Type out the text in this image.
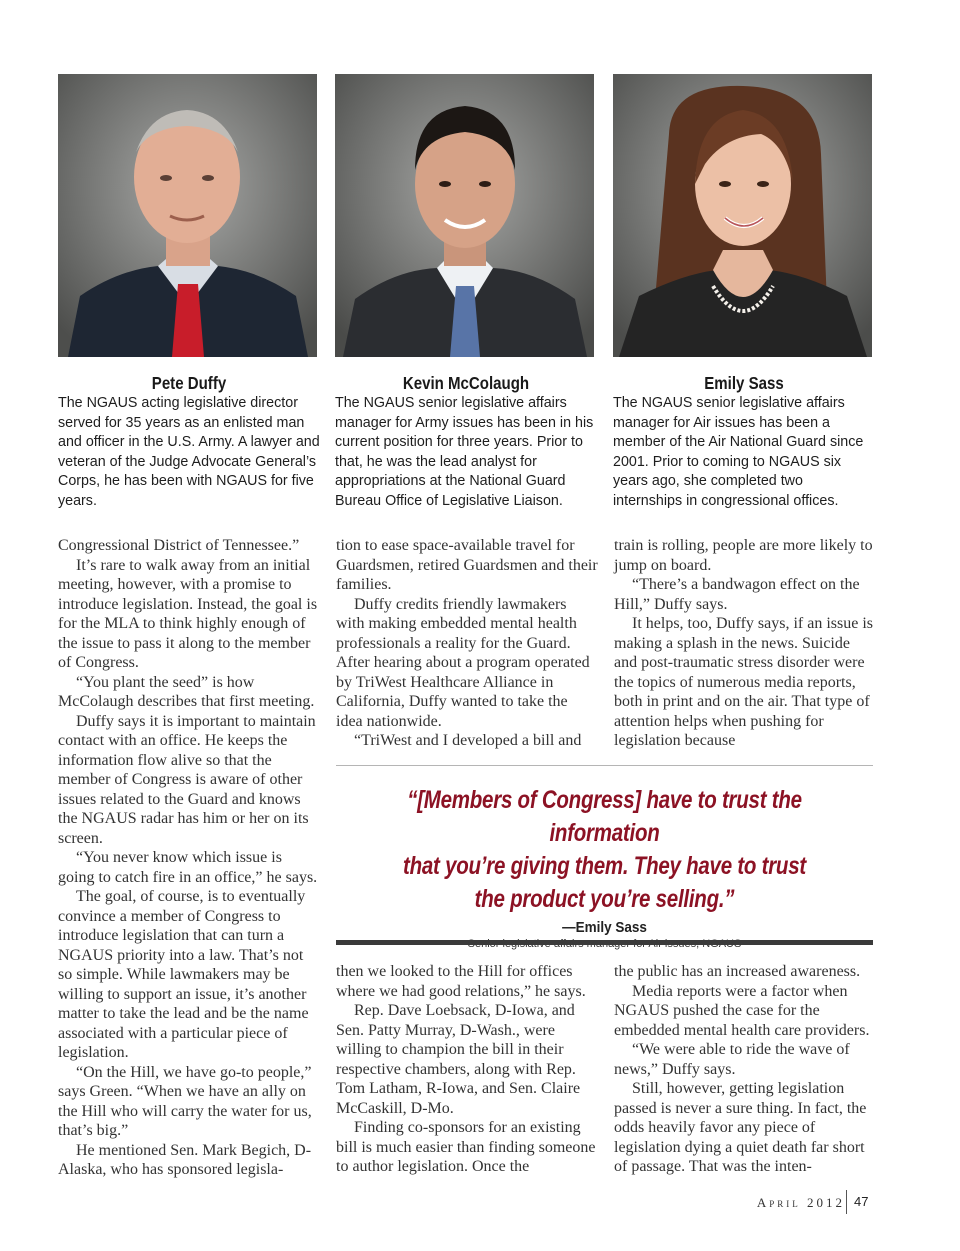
Pete Duffy
The NGAUS acting legislative director served for 35 years as an enlisted man and officer in the U.S. Army. A lawyer and veteran of the Judge Advocate General’s Corps, he has been with NGAUS for five years.
Kevin McColaugh
The NGAUS senior legislative affairs manager for Army issues has been in his current position for three years. Prior to that, he was the lead analyst for appropriations at the National Guard Bureau Office of Legislative Liaison.
Emily Sass
The NGAUS senior legislative affairs manager for Air issues has been a member of the Air National Guard since 2001. Prior to coming to NGAUS six years ago, she completed two internships in congressional offices.

Congressional District of Tennessee.”

It’s rare to walk away from an initial meeting, however, with a promise to introduce legislation. Instead, the goal is for the MLA to think highly enough of the issue to pass it along to the member of Congress.

“You plant the seed” is how McColaugh describes that first meeting.

Duffy says it is important to maintain contact with an office. He keeps the information flow alive so that the member of Congress is aware of other issues related to the Guard and knows the NGAUS radar has him or her on its screen.

“You never know which issue is going to catch fire in an office,” he says.

The goal, of course, is to eventually convince a member of Congress to introduce legislation that can turn a NGAUS priority into a law. That’s not so simple. While lawmakers may be willing to support an issue, it’s another matter to take the lead and be the name associated with a particular piece of legislation.

“On the Hill, we have go-to people,” says Green. “When we have an ally on the Hill who will carry the water for us, that’s big.”

He mentioned Sen. Mark Begich, D-Alaska, who has sponsored legisla-

tion to ease space-available travel for Guardsmen, retired Guardsmen and their families.

Duffy credits friendly lawmakers with making embedded mental health professionals a reality for the Guard. After hearing about a program operated by TriWest Healthcare Alliance in California, Duffy wanted to take the idea nationwide.

“TriWest and I developed a bill and

train is rolling, people are more likely to jump on board.

“There’s a bandwagon effect on the Hill,” Duffy says.

It helps, too, Duffy says, if an issue is making a splash in the news. Suicide and post-traumatic stress disorder were the topics of numerous media reports, both in print and on the air. That type of attention helps when pushing for legislation because

“[Members of Congress] have to trust the information
that you’re giving them. They have to trust
the product you’re selling.”
—Emily Sass

then we looked to the Hill for offices where we had good relations,” he says.

Rep. Dave Loebsack, D-Iowa, and Sen. Patty Murray, D-Wash., were willing to champion the bill in their respective chambers, along with Rep. Tom Latham, R-Iowa, and Sen. Claire McCaskill, D-Mo.

Finding co-sponsors for an existing bill is much easier than finding someone to author legislation. Once the

the public has an increased awareness.

Media reports were a factor when NGAUS pushed the case for the embedded mental health care providers.

“We were able to ride the wave of news,” Duffy says.

Still, however, getting legislation passed is never a sure thing. In fact, the odds heavily favor any piece of legislation dying a quiet death far short of passage. That was the inten-

April 2012 47
